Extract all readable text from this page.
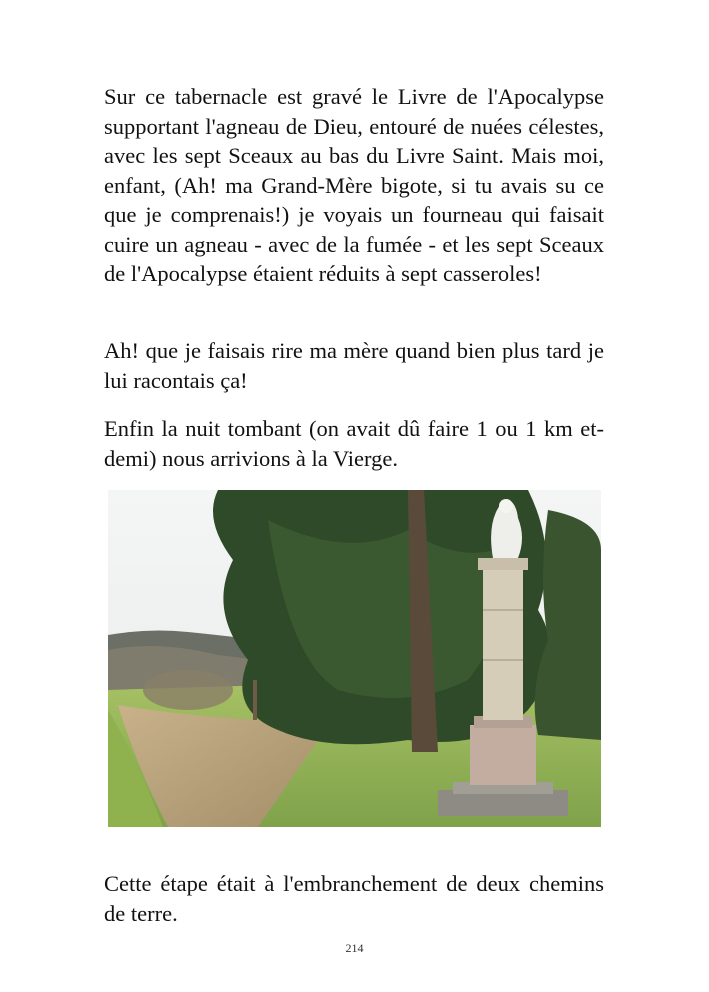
Sur ce tabernacle est gravé le Livre de l'Apocalypse supportant l'agneau de Dieu, entouré de nuées célestes, avec les sept Sceaux au bas du Livre Saint. Mais moi, enfant, (Ah! ma Grand-Mère bigote, si tu avais su ce que je comprenais!) je voyais un fourneau qui faisait cuire un agneau - avec de la fumée - et les sept Sceaux de l'Apocalypse étaient réduits à sept casseroles!

Ah! que je faisais rire ma mère quand bien plus tard je lui racontais ça!

Enfin la nuit tombant (on avait dû faire 1 ou 1 km et-demi) nous arrivions à la Vierge.

Cette étape était à l'embranchement de deux chemins de terre.

214
